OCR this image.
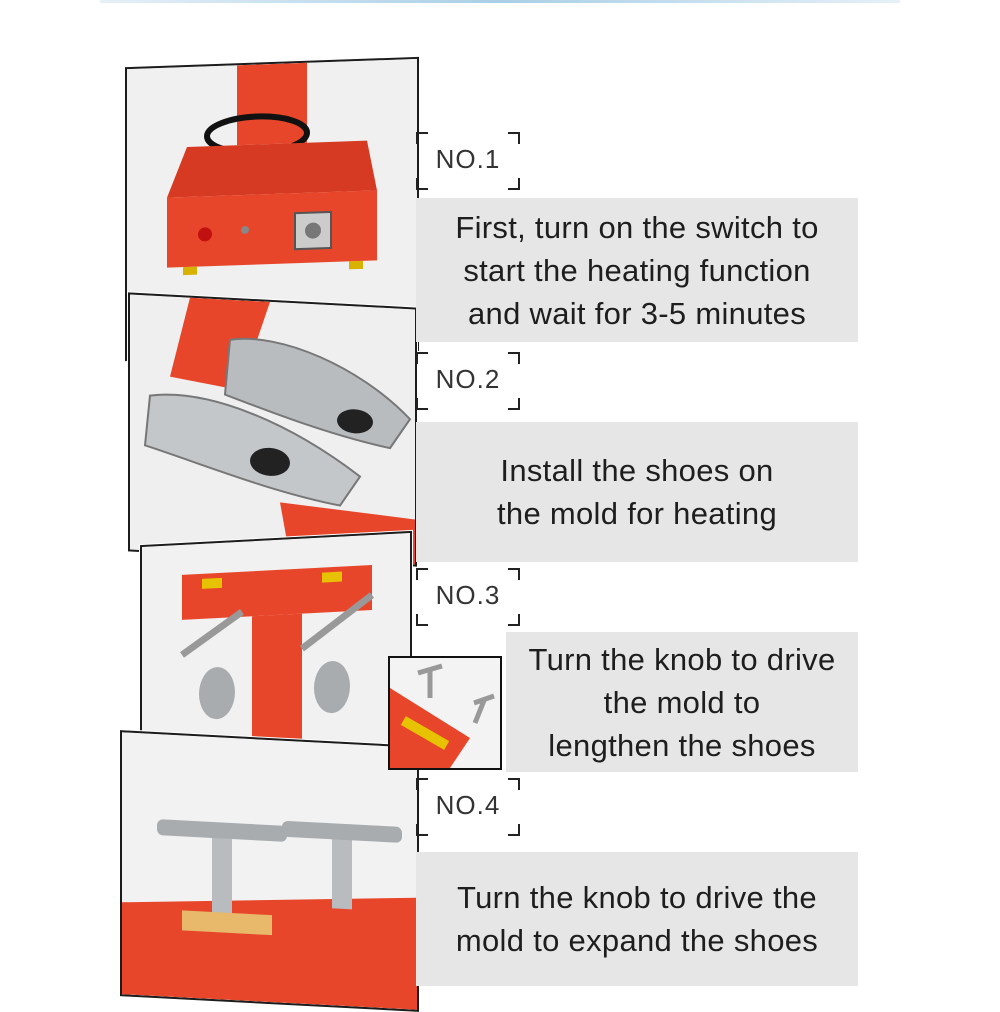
NO.1
NO.2
NO.3
NO.4
First, turn on the switch to
start the heating function
and wait for 3-5 minutes
Install the shoes on
the mold for heating
Turn the knob to drive
the mold to
lengthen the shoes
Turn the knob to drive the
mold to expand the shoes
